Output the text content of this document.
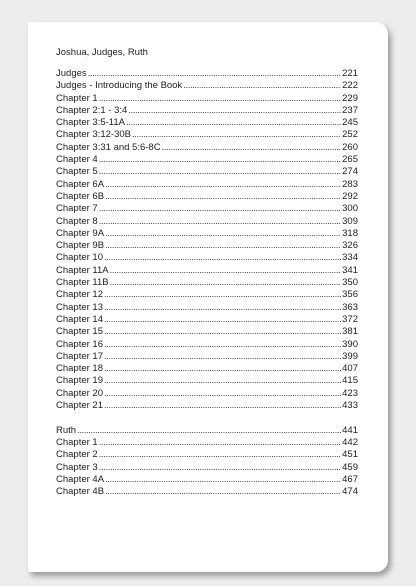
Joshua, Judges, Ruth
Judges .....	221
Judges - Introducing the Book .....	222
Chapter 1 .....	229
Chapter 2:1 - 3:4 .....	237
Chapter 3:5-11A .....	245
Chapter 3:12-30B .....	252
Chapter 3:31 and 5:6-8C .....	260
Chapter 4 .....	265
Chapter 5 .....	274
Chapter 6A .....	283
Chapter 6B .....	292
Chapter 7 .....	300
Chapter 8 .....	309
Chapter 9A .....	318
Chapter 9B .....	326
Chapter 10 .....	334
Chapter 11A .....	341
Chapter 11B .....	350
Chapter 12 .....	356
Chapter 13 .....	363
Chapter 14 .....	372
Chapter 15 .....	381
Chapter 16 .....	390
Chapter 17 .....	399
Chapter 18 .....	407
Chapter 19 .....	415
Chapter 20 .....	423
Chapter 21 .....	433
Ruth .....	441
Chapter 1 .....	442
Chapter 2 .....	451
Chapter 3 .....	459
Chapter 4A .....	467
Chapter 4B .....	474
